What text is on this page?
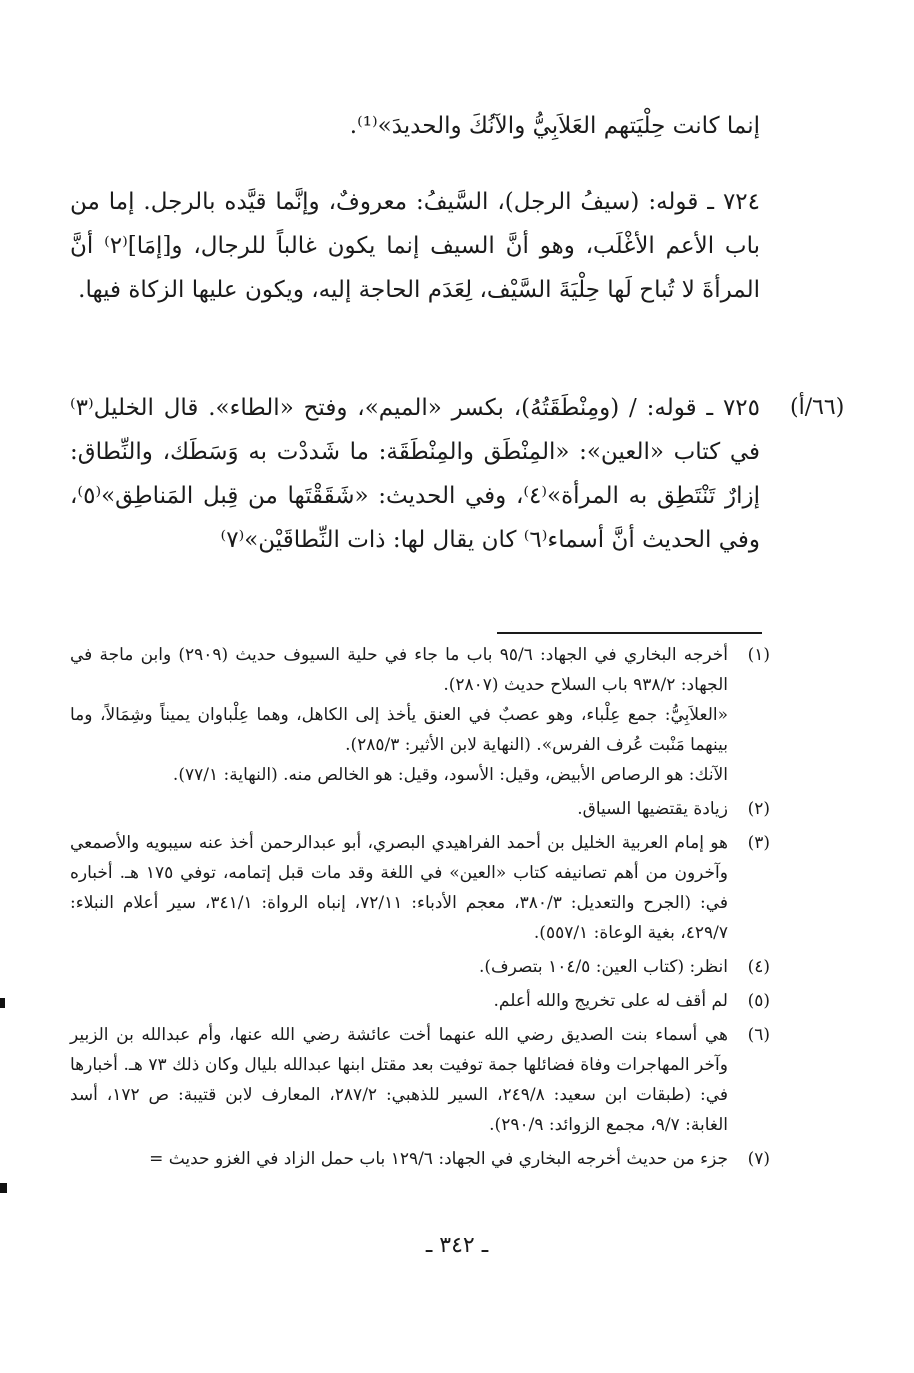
إنما كانت حِلْيَتهم العَلاَبِيُّ والآنُكَ والحديدَ»⁽¹⁾.

٧٢٤ ـ قوله: (سيفُ الرجل)، السَّيفُ: معروفٌ، وإنَّما قيَّده بالرجل. إما من باب الأعم الأغْلَب، وهو أنَّ السيف إنما يكون غالباً للرجال، و[إمَا]⁽٢⁾ أنَّ المرأةَ لا تُباح لَها حِلْيَةَ السَّيْف، لِعَدَم الحاجة إليه، ويكون عليها الزكاة فيها.

٧٢٥ ـ قوله: / (ومِنْطَقَتُهُ)، بكسر «الميم»، وفتح «الطاء». قال الخليل⁽٣⁾ في كتاب «العين»: «المِنْطَق والمِنْطَقَة: ما شَددْت به وَسَطَك، والنِّطاق: إزارٌ تَنْتَطِق به المرأة»⁽٤⁾، وفي الحديث: «شَقَقْتَها من قِبل المَناطِق»⁽٥⁾، وفي الحديث أنَّ أسماء⁽٦⁾ كان يقال لها: ذات النِّطاقَيْن»⁽٧⁾

(٦٦/أ)
(١)

أخرجه البخاري في الجهاد: ٩٥/٦ باب ما جاء في حلية السيوف حديث (٢٩٠٩) وابن ماجة في الجهاد: ٩٣٨/٢ باب السلاح حديث (٢٨٠٧).

«العلاَبِيُّ: جمع عِلْباء، وهو عصبٌ في العنق يأخذ إلى الكاهل، وهما عِلْباوان يميناً وشِمَالاً، وما بينهما مَنْبت عُرف الفرس». (النهاية لابن الأثير: ٢٨٥/٣).

الآنك: هو الرصاص الأبيض، وقيل: الأسود، وقيل: هو الخالص منه. (النهاية: ٧٧/١).

(٢)

زيادة يقتضيها السياق.

(٣)

هو إمام العربية الخليل بن أحمد الفراهيدي البصري، أبو عبدالرحمن أخذ عنه سيبويه والأصمعي وآخرون من أهم تصانيفه كتاب «العين» في اللغة وقد مات قبل إتمامه، توفي ١٧٥ هـ. أخباره في: (الجرح والتعديل: ٣٨٠/٣، معجم الأدباء: ٧٢/١١، إنباه الرواة: ٣٤١/١، سير أعلام النبلاء: ٤٢٩/٧، بغية الوعاة: ٥٥٧/١).

(٤)

انظر: (كتاب العين: ١٠٤/٥ بتصرف).

(٥)

لم أقف له على تخريج والله أعلم.

(٦)

هي أسماء بنت الصديق رضي الله عنهما أخت عائشة رضي الله عنها، وأم عبدالله بن الزبير وآخر المهاجرات وفاة فضائلها جمة توفيت بعد مقتل ابنها عبدالله بليال وكان ذلك ٧٣ هـ. أخبارها في: (طبقات ابن سعيد: ٢٤٩/٨، السير للذهبي: ٢٨٧/٢، المعارف لابن قتيبة: ص ١٧٢، أسد الغابة: ٩/٧، مجمع الزوائد: ٢٩٠/٩).

(٧)

جزء من حديث أخرجه البخاري في الجهاد: ١٢٩/٦ باب حمل الزاد في الغزو حديث =

ـ ٣٤٢ ـ
